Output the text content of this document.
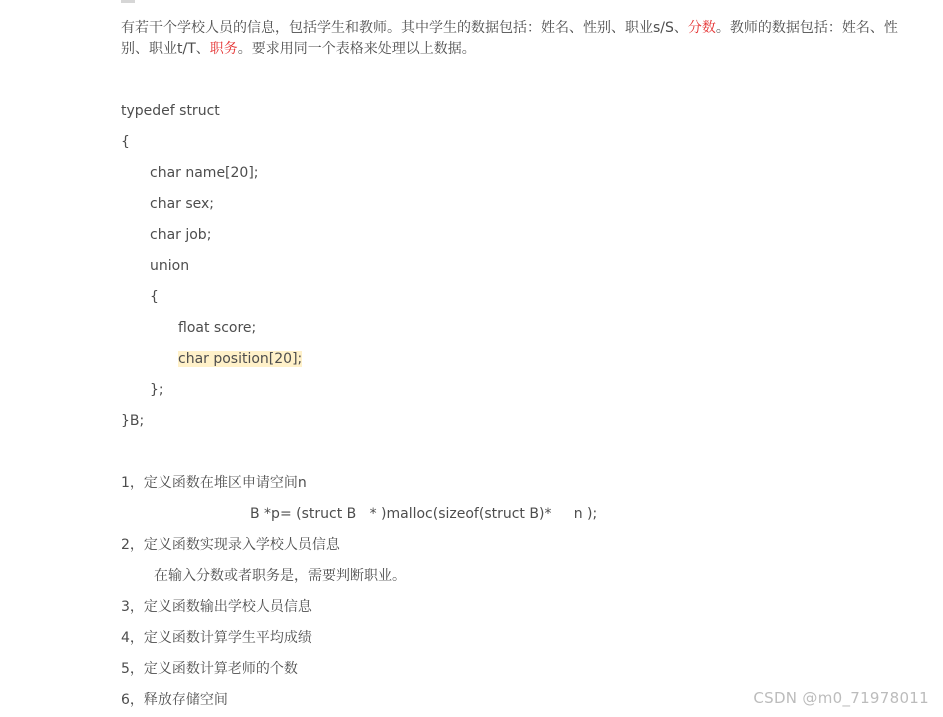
有若干个学校人员的信息，包括学生和教师。其中学生的数据包括：姓名、性别、职业s/S、分数。教师的数据包括：姓名、性
别、职业t/T、职务。要求用同一个表格来处理以上数据。
typedef struct
{
char name[20];
char sex;
char job;
union
{
float score;
char position[20];
};
}B;
1，定义函数在堆区申请空间n
B *p= (struct B   * )malloc(sizeof(struct B)*     n );
2，定义函数实现录入学校人员信息
在输入分数或者职务是，需要判断职业。
3，定义函数输出学校人员信息
4，定义函数计算学生平均成绩
5，定义函数计算老师的个数
6，释放存储空间	CSDN @m0_71978011
